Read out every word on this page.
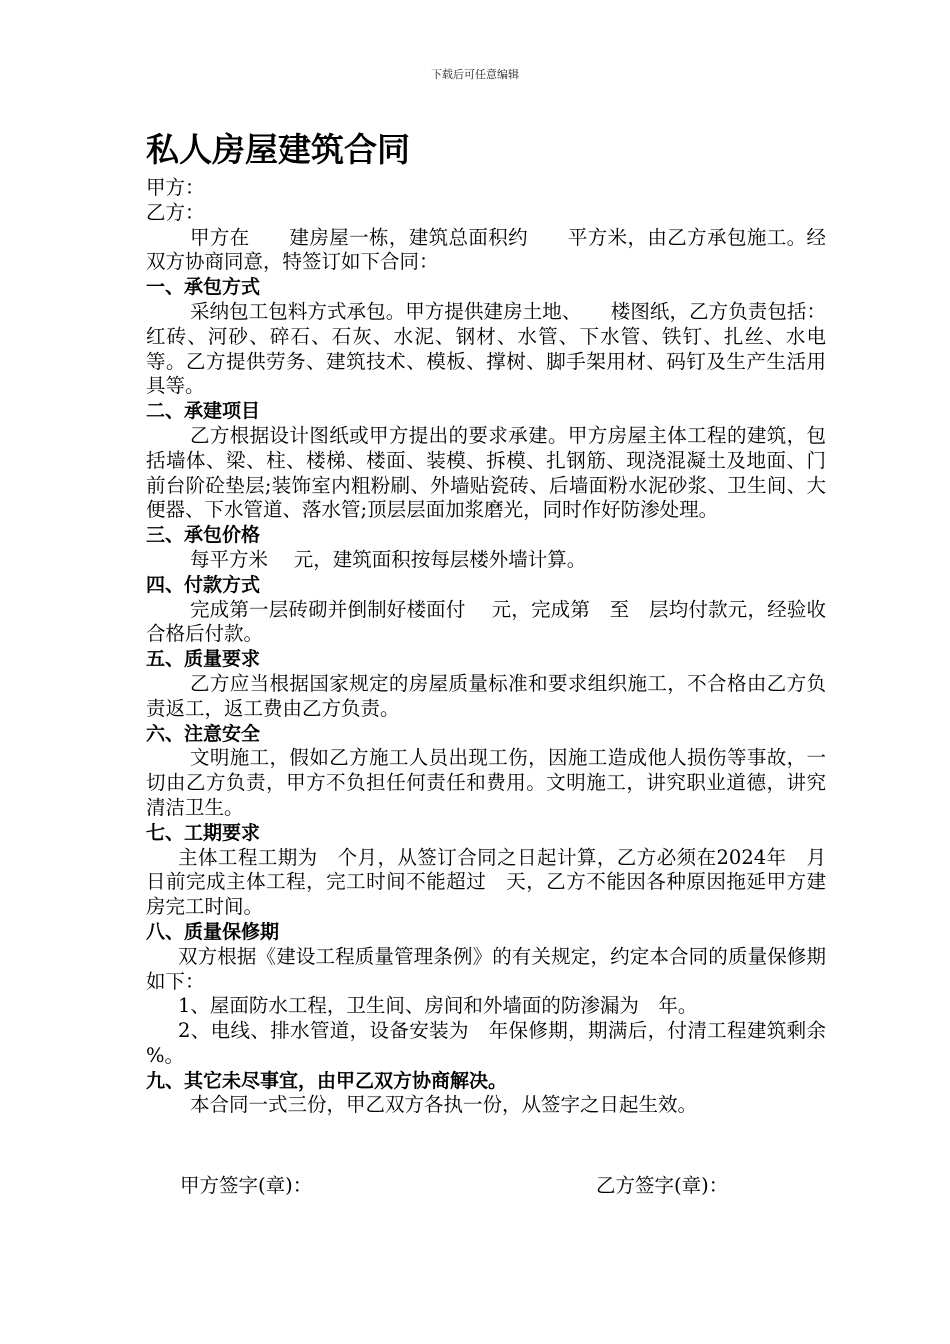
下载后可任意编辑
私人房屋建筑合同
甲方：
乙方：
甲方在　　建房屋一栋，建筑总面积约　　平方米，由乙方承包施工。经双方协商同意，特签订如下合同：
一、承包方式
采纳包工包料方式承包。甲方提供建房土地、　　楼图纸，乙方负责包括：红砖、河砂、碎石、石灰、水泥、钢材、水管、下水管、铁钉、扎丝、水电等。乙方提供劳务、建筑技术、模板、撑树、脚手架用材、码钉及生产生活用具等。
二、承建项目
乙方根据设计图纸或甲方提出的要求承建。甲方房屋主体工程的建筑，包括墙体、梁、柱、楼梯、楼面、装模、拆模、扎钢筋、现浇混凝土及地面、门前台阶砼垫层;装饰室内粗粉刷、外墙贴瓷砖、后墙面粉水泥砂浆、卫生间、大便器、下水管道、落水管;顶层层面加浆磨光，同时作好防渗处理。
三、承包价格
每平方米　 元，建筑面积按每层楼外墙计算。
四、付款方式
完成第一层砖砌并倒制好楼面付　 元，完成第　至　层均付款元，经验收合格后付款。
五、质量要求
乙方应当根据国家规定的房屋质量标准和要求组织施工，不合格由乙方负责返工，返工费由乙方负责。
六、注意安全
文明施工，假如乙方施工人员出现工伤，因施工造成他人损伤等事故，一切由乙方负责，甲方不负担任何责任和费用。文明施工，讲究职业道德，讲究清洁卫生。
七、工期要求
主体工程工期为　个月，从签订合同之日起计算，乙方必须在2024年　月　日前完成主体工程，完工时间不能超过　天，乙方不能因各种原因拖延甲方建房完工时间。
八、质量保修期
双方根据《建设工程质量管理条例》的有关规定，约定本合同的质量保修期如下：
1、屋面防水工程，卫生间、房间和外墙面的防渗漏为　年。
2、电线、排水管道，设备安装为　年保修期，期满后，付清工程建筑剩余　%。
九、其它未尽事宜，由甲乙双方协商解决。
本合同一式三份，甲乙双方各执一份，从签字之日起生效。
甲方签字(章)：	乙方签字(章)：
